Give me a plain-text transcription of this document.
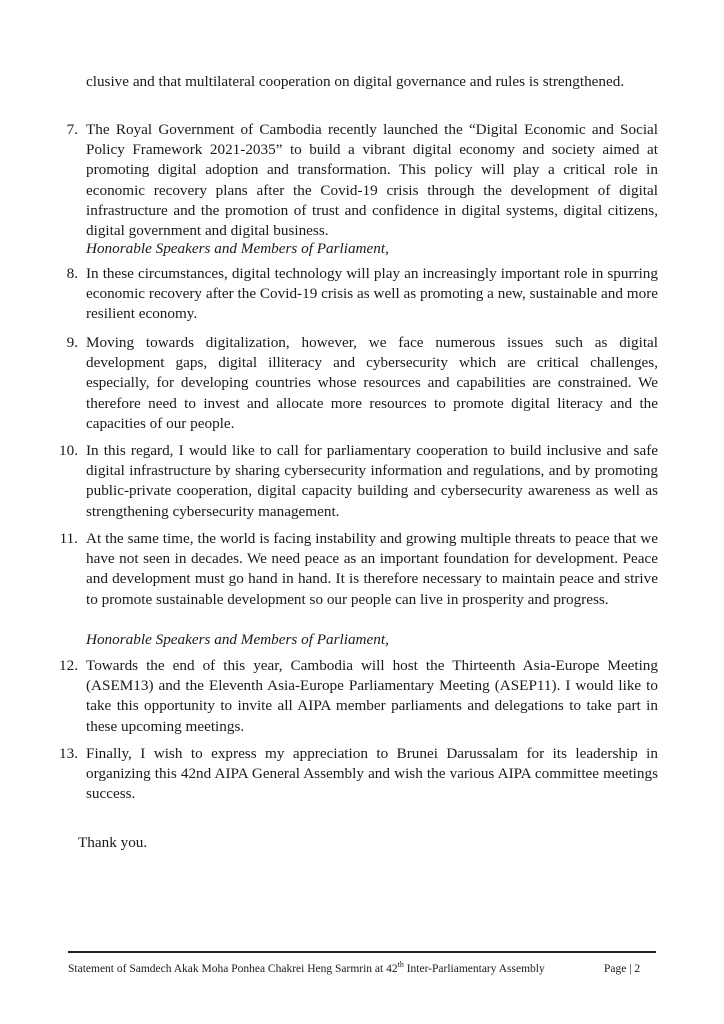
clusive and that multilateral cooperation on digital governance and rules is strengthened.
7. The Royal Government of Cambodia recently launched the “Digital Economic and Social Policy Framework 2021-2035” to build a vibrant digital economy and society aimed at promoting digital adoption and transformation. This policy will play a critical role in economic recovery plans after the Covid-19 crisis through the development of digital infrastructure and the promotion of trust and confidence in digital systems, digital citizens, digital government and digital business.
Honorable Speakers and Members of Parliament,
8. In these circumstances, digital technology will play an increasingly important role in spurring economic recovery after the Covid-19 crisis as well as promoting a new, sustainable and more resilient economy.
9. Moving towards digitalization, however, we face numerous issues such as digital development gaps, digital illiteracy and cybersecurity which are critical challenges, especially, for developing countries whose resources and capabilities are constrained. We therefore need to invest and allocate more resources to promote digital literacy and the capacities of our people.
10. In this regard, I would like to call for parliamentary cooperation to build inclusive and safe digital infrastructure by sharing cybersecurity information and regulations, and by promoting public-private cooperation, digital capacity building and cybersecurity awareness as well as strengthening cybersecurity management.
11. At the same time, the world is facing instability and growing multiple threats to peace that we have not seen in decades. We need peace as an important foundation for development. Peace and development must go hand in hand. It is therefore necessary to maintain peace and strive to promote sustainable development so our people can live in prosperity and progress.
Honorable Speakers and Members of Parliament,
12. Towards the end of this year, Cambodia will host the Thirteenth Asia-Europe Meeting (ASEM13) and the Eleventh Asia-Europe Parliamentary Meeting (ASEP11). I would like to take this opportunity to invite all AIPA member parliaments and delegations to take part in these upcoming meetings.
13. Finally, I wish to express my appreciation to Brunei Darussalam for its leadership in organizing this 42nd AIPA General Assembly and wish the various AIPA committee meetings success.
Thank you.
Statement of Samdech Akak Moha Ponhea Chakrei Heng Sarmrin at 42th Inter-Parliamentary Assembly	Page | 2
